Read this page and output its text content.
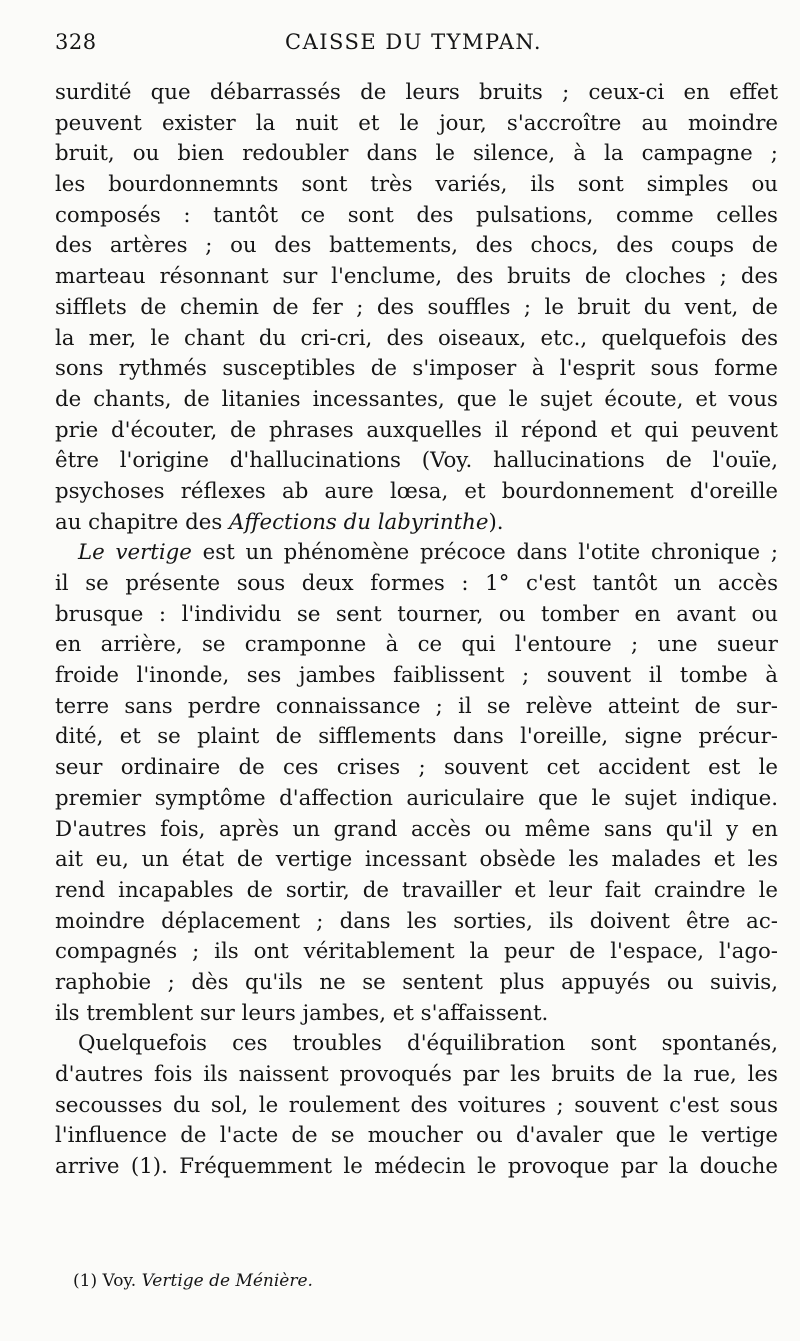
328	CAISSE DU TYMPAN.
surdité que débarrassés de leurs bruits ; ceux-ci en effet
peuvent exister la nuit et le jour, s'accroître au moindre
bruit, ou bien redoubler dans le silence, à la campagne ;
les bourdonnemnts sont très variés, ils sont simples ou
composés : tantôt ce sont des pulsations, comme celles
des artères ; ou des battements, des chocs, des coups de
marteau résonnant sur l'enclume, des bruits de cloches ; des
sifflets de chemin de fer ; des souffles ; le bruit du vent, de
la mer, le chant du cri-cri, des oiseaux, etc., quelquefois des
sons rythmés susceptibles de s'imposer à l'esprit sous forme
de chants, de litanies incessantes, que le sujet écoute, et vous
prie d'écouter, de phrases auxquelles il répond et qui peuvent
être l'origine d'hallucinations (Voy. hallucinations de l'ouïe,
psychoses réflexes ab aure lœsa, et bourdonnement d'oreille
au chapitre des Affections du labyrinthe).
Le vertige est un phénomène précoce dans l'otite chronique ;
il se présente sous deux formes : 1° c'est tantôt un accès
brusque : l'individu se sent tourner, ou tomber en avant ou
en arrière, se cramponne à ce qui l'entoure ; une sueur
froide l'inonde, ses jambes faiblissent ; souvent il tombe à
terre sans perdre connaissance ; il se relève atteint de sur-
dité, et se plaint de sifflements dans l'oreille, signe précur-
seur ordinaire de ces crises ; souvent cet accident est le
premier symptôme d'affection auriculaire que le sujet indique.
D'autres fois, après un grand accès ou même sans qu'il y en
ait eu, un état de vertige incessant obsède les malades et les
rend incapables de sortir, de travailler et leur fait craindre le
moindre déplacement ; dans les sorties, ils doivent être ac-
compagnés ; ils ont véritablement la peur de l'espace, l'ago-
raphobie ; dès qu'ils ne se sentent plus appuyés ou suivis,
ils tremblent sur leurs jambes, et s'affaissent.
Quelquefois ces troubles d'équilibration sont spontanés,
d'autres fois ils naissent provoqués par les bruits de la rue, les
secousses du sol, le roulement des voitures ; souvent c'est sous
l'influence de l'acte de se moucher ou d'avaler que le vertige
arrive (1). Fréquemment le médecin le provoque par la douche
(1) Voy. Vertige de Ménière.
